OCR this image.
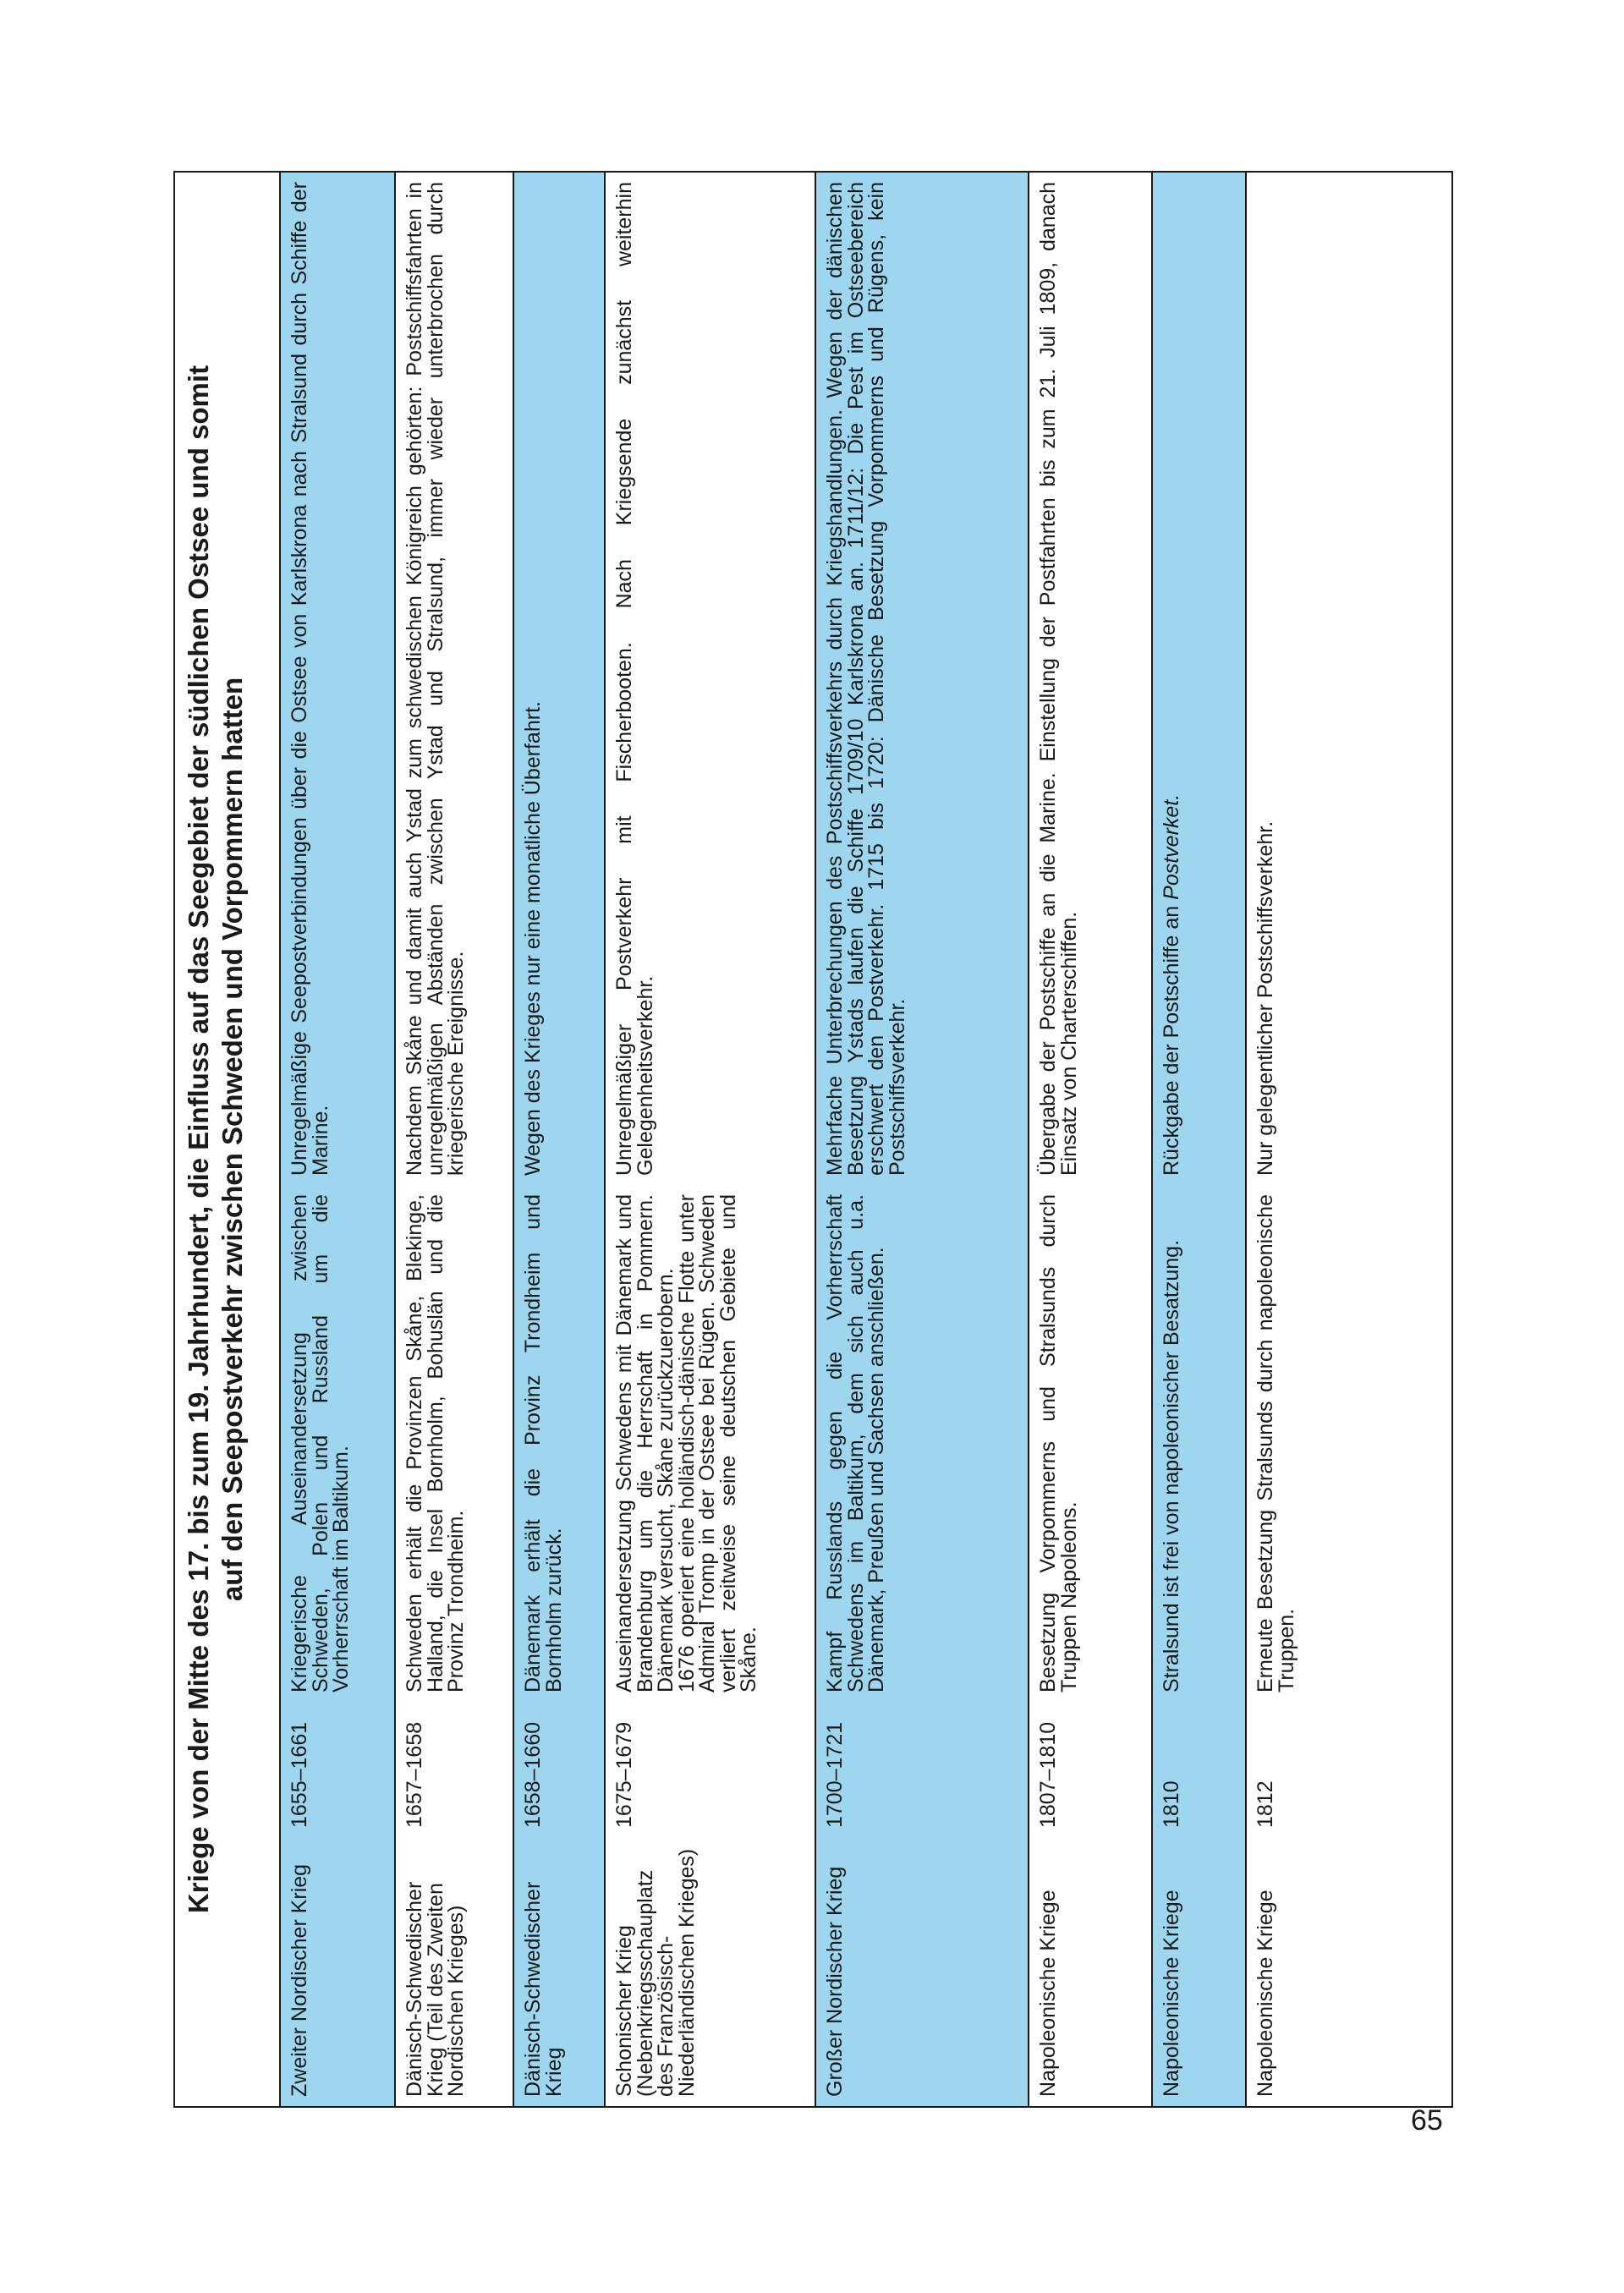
Kriege von der Mitte des 17. bis zum 19. Jahrhundert, die Einfluss auf das Seegebiet der südlichen Ostsee und somit auf den Seepostverkehr zwischen Schweden und Vorpommern hatten
Zweiter Nordischer Krieg
1655–1661
Kriegerische Auseinandersetzung zwischen Schweden, Polen und Russland um die Vorherrschaft im Baltikum.
Unregelmäßige Seepostverbindungen über die Ostsee von Karlskrona nach Stralsund durch Schiffe der Marine.
Dänisch-Schwedischer Krieg (Teil des Zweiten Nordischen Krieges)
1657–1658
Schweden erhält die Provinzen Skåne, Blekinge, Halland, die Insel Bornholm, Bohuslän und die Provinz Trondheim.
Nachdem Skåne und damit auch Ystad zum schwedischen Königreich gehörten: Postschiffsfahrten in unregelmäßigen Abständen zwischen Ystad und Stralsund, immer wieder unterbrochen durch kriegerische Ereignisse.
Dänisch-Schwedischer Krieg
1658–1660
Dänemark erhält die Provinz Trondheim und Bornholm zurück.
Wegen des Krieges nur eine monatliche Überfahrt.
Schonischer Krieg (Nebenkriegsschauplatz des Französisch-Niederländischen Krieges)
1675–1679
Auseinandersetzung Schwedens mit Dänemark und Brandenburg um die Herrschaft in Pommern. Dänemark versucht, Skåne zurückzuerobern.
1676 operiert eine holländisch-dänische Flotte unter Admiral Tromp in der Ostsee bei Rügen. Schweden verliert zeitweise seine deutschen Gebiete und Skåne.
Unregelmäßiger Postverkehr mit Fischerbooten. Nach Kriegsende zunächst weiterhin Gelegenheitsverkehr.
Großer Nordischer Krieg
1700–1721
Kampf Russlands gegen die Vorherrschaft Schwedens im Baltikum, dem sich auch u.a. Dänemark, Preußen und Sachsen anschließen.
Mehrfache Unterbrechungen des Postschiffsverkehrs durch Kriegshandlungen. Wegen der dänischen Besetzung Ystads laufen die Schiffe 1709/10 Karlskrona an. 1711/12: Die Pest im Ostseebereich erschwert den Postverkehr. 1715 bis 1720: Dänische Besetzung Vorpommerns und Rügens, kein Postschiffsverkehr.
Napoleonische Kriege
1807–1810
Besetzung Vorpommerns und Stralsunds durch Truppen Napoleons.
Übergabe der Postschiffe an die Marine. Einstellung der Postfahrten bis zum 21. Juli 1809, danach Einsatz von Charterschiffen.
Napoleonische Kriege
1810
Stralsund ist frei von napoleonischer Besatzung.
Rückgabe der Postschiffe an Postverket.
Napoleonische Kriege
1812
Erneute Besetzung Stralsunds durch napoleonische Truppen.
Nur gelegentlicher Postschiffsverkehr.
65
